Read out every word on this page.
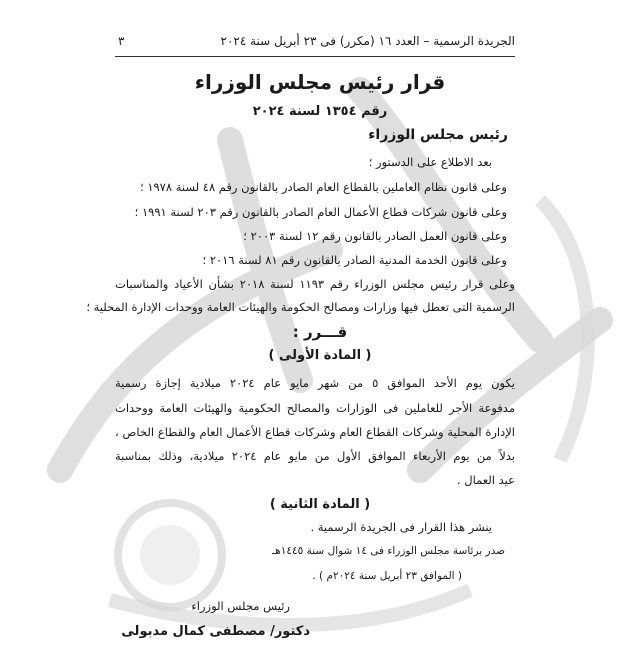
٣	الجريدة الرسمية – العدد ١٦ (مكرر) فى ٢٣ أبريل سنة ٢٠٢٤
قرار رئيس مجلس الوزراء
رقم ١٣٥٤ لسنة ٢٠٢٤
رئيس مجلس الوزراء
بعد الاطلاع على الدستور ؛
وعلى قانون نظام العاملين بالقطاع العام الصادر بالقانون رقم ٤٨ لسنة ١٩٧٨ ؛
وعلى قانون شركات قطاع الأعمال العام الصادر بالقانون رقم ٢٠٣ لسنة ١٩٩١ ؛
وعلى قانون العمل الصادر بالقانون رقم ١٢ لسنة ٢٠٠٣ ؛
وعلى قانون الخدمة المدنية الصادر بالقانون رقم ٨١ لسنة ٢٠١٦ ؛
وعلى قرار رئيس مجلس الوزراء رقم ١١٩٣ لسنة ٢٠١٨ بشأن الأعياد والمناسبات
الرسمية التى تعطل فيها وزارات ومصالح الحكومة والهيئات العامة ووحدات الإدارة المحلية ؛
قـــرر :
( المادة الأولى )
يكون يوم الأحد الموافق ٥ من شهر مايو عام ٢٠٢٤ ميلادية إجازة رسمية
مدفوعة الأجر للعاملين فى الوزارات والمصالح الحكومية والهيئات العامة ووحدات
الإدارة المحلية وشركات القطاع العام وشركات قطاع الأعمال العام والقطاع الخاص ،
بدلاً من يوم الأربعاء الموافق الأول من مايو عام ٢٠٢٤ ميلادية، وذلك بمناسبة
عيد العمال .
( المادة الثانية )
ينشر هذا القرار فى الجريدة الرسمية .
صدر برئاسة مجلس الوزراء فى ١٤ شوال سنة ١٤٤٥هـ
( الموافق ٢٣ أبريل سنة ٢٠٢٤م ) .
رئيس مجلس الوزراء
دكتور/ مصطفى كمال مدبولى
